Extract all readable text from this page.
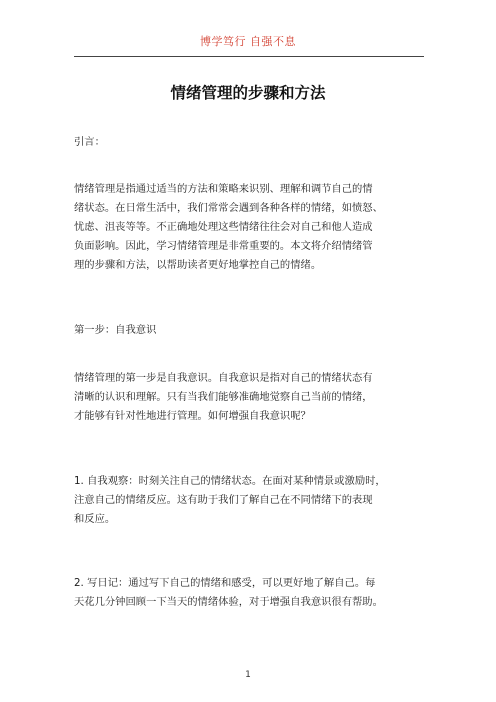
博学笃行 自强不息
情绪管理的步骤和方法
引言：
情绪管理是指通过适当的方法和策略来识别、理解和调节自己的情
绪状态。在日常生活中，我们常常会遇到各种各样的情绪，如愤怒、
忧虑、沮丧等等。不正确地处理这些情绪往往会对自己和他人造成
负面影响。因此，学习情绪管理是非常重要的。本文将介绍情绪管
理的步骤和方法，以帮助读者更好地掌控自己的情绪。
第一步：自我意识
情绪管理的第一步是自我意识。自我意识是指对自己的情绪状态有
清晰的认识和理解。只有当我们能够准确地觉察自己当前的情绪，
才能够有针对性地进行管理。如何增强自我意识呢？
1. 自我观察：时刻关注自己的情绪状态。在面对某种情景或激励时，
注意自己的情绪反应。这有助于我们了解自己在不同情绪下的表现
和反应。
2. 写日记：通过写下自己的情绪和感受，可以更好地了解自己。每
天花几分钟回顾一下当天的情绪体验，对于增强自我意识很有帮助。
1
